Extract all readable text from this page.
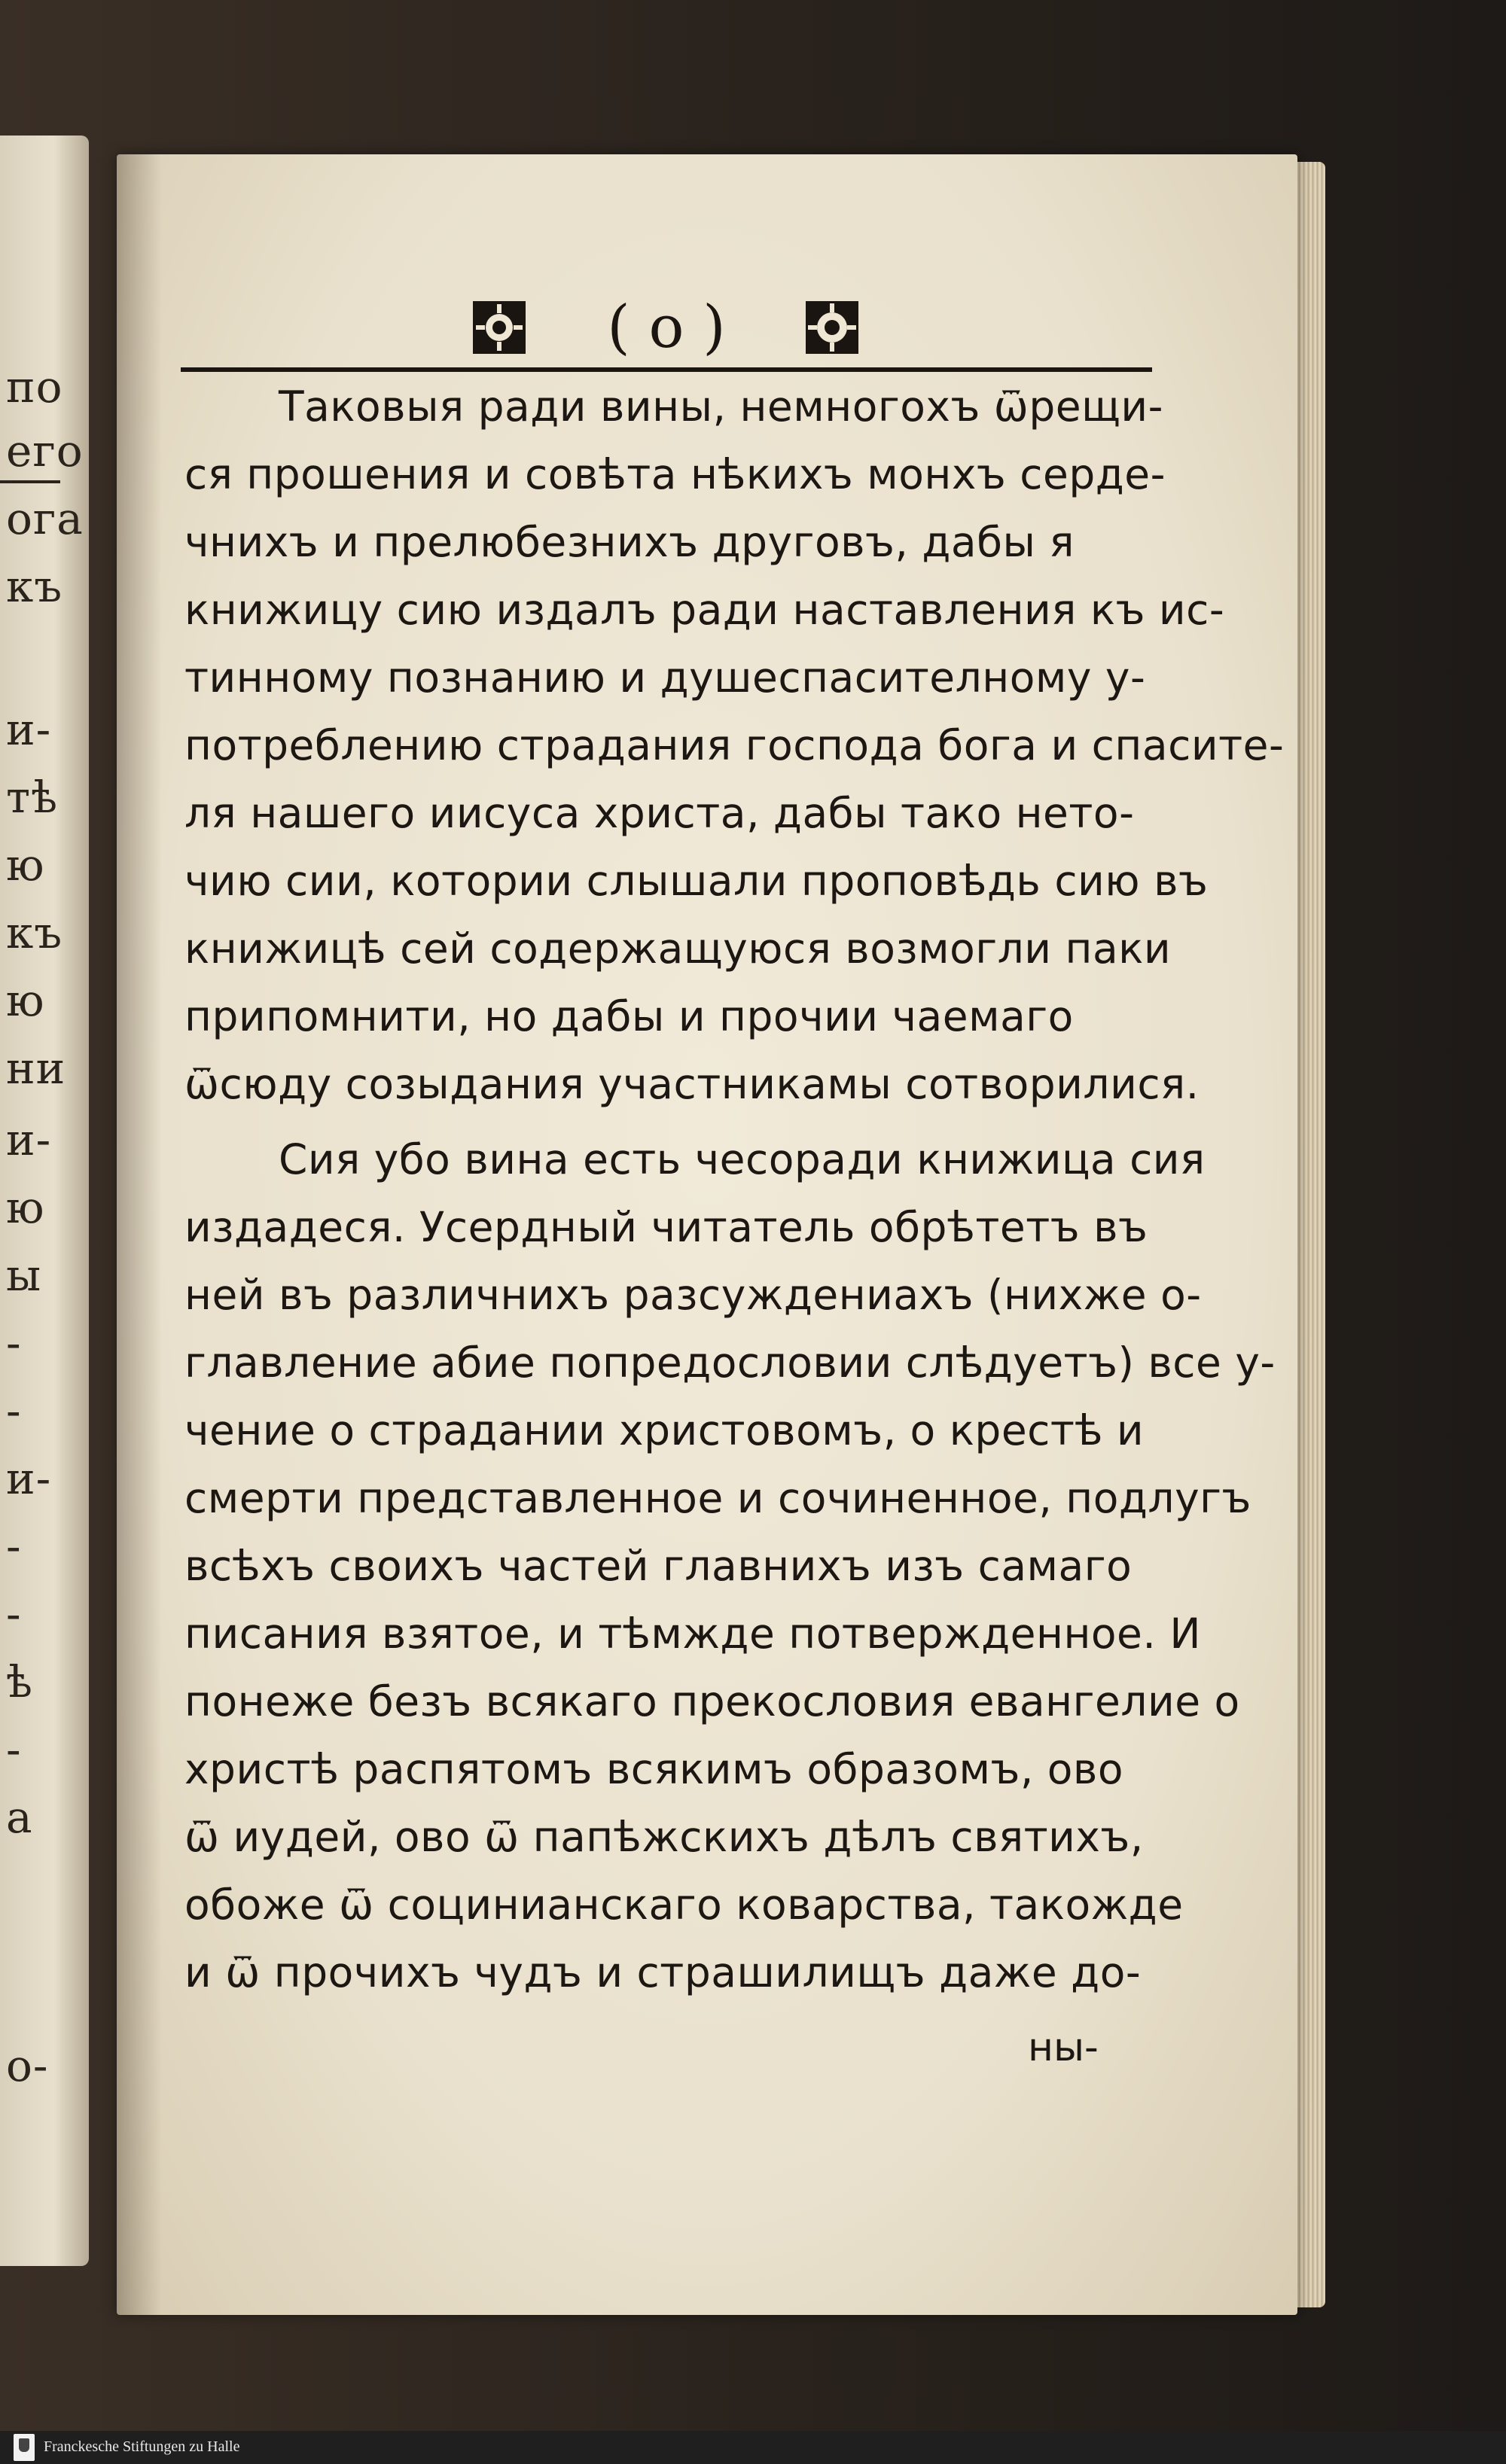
по
его
ога
къ
и-
тѣ
ю
къ
ю
ни
и-
ю
ы
-
-
и-
-
-
ѣ
-
а
о-
( o )
Таковыя ради вины, немногохъ ѿрещи-
ся прошения и совѣта нѣкихъ монхъ серде-
чнихъ и прелюбезнихъ друговъ, дабы я
книжицу сию издалъ ради наставления къ ис-
тинному познанию и душеспасителному у-
потреблению страдания господа бога и спасите-
ля нашего иисуса христа, дабы тако нето-
чию сии, котории слышали проповѣдь сию въ
книжицѣ сей содержащуюся возмогли паки
припомнити, но дабы и прочии чаемаго
ѿсюду созыдания участникамы сотворилися.
Сия убо вина есть чесоради книжица сия
издадеся. Усердный читатель обрѣтетъ въ
ней въ различнихъ разсуждениахъ (нихже о-
главление абие попредословии слѣдуетъ) все у-
чение о страдании христовомъ, о крестѣ и
смерти представленное и сочиненное, подлугъ
всѣхъ своихъ частей главнихъ изъ самаго
писания взятое, и тѣмжде потвержденное. И
понеже безъ всякаго прекословия евангелие о
христѣ распятомъ всякимъ образомъ, ово
ѿ иудей, ово ѿ папѣжскихъ дѣлъ святихъ,
обоже ѿ социнианскаго коварства, такожде
и ѿ прочихъ чудъ и страшилищъ даже до-
ны-
Franckesche Stiftungen zu Halle
